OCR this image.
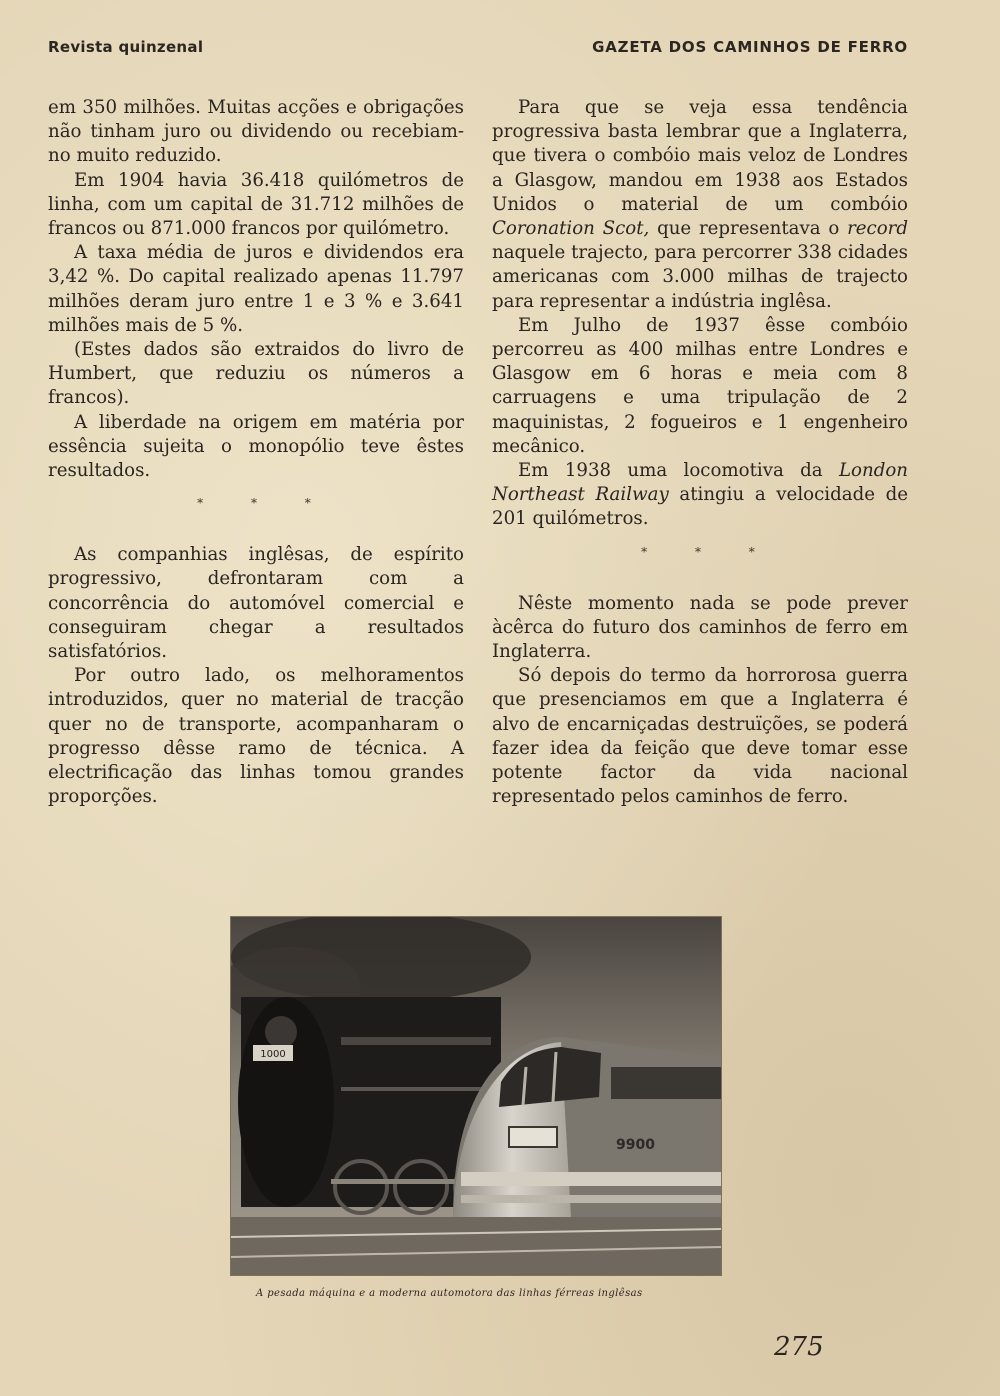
Revista quinzenal	GAZETA DOS CAMINHOS DE FERRO

em 350 milhões. Muitas acções e obrigações não tinham juro ou dividendo ou recebiam-no muito reduzido.

Em 1904 havia 36.418 quilómetros de linha, com um capital de 31.712 milhões de francos ou 871.000 francos por quilómetro.

A taxa média de juros e dividendos era 3,42 %. Do capital realizado apenas 11.797 milhões deram juro entre 1 e 3 % e 3.641 milhões mais de 5 %.

(Estes dados são extraidos do livro de Humbert, que reduziu os números a francos).

A liberdade na origem em matéria por essência sujeita o monopólio teve êstes resultados.

* * *

As companhias inglêsas, de espírito progressivo, defrontaram com a concorrência do automóvel comercial e conseguiram chegar a resultados satisfatórios.

Por outro lado, os melhoramentos introduzidos, quer no material de tracção quer no de transporte, acompanharam o progresso dêsse ramo de técnica. A electrificação das linhas tomou grandes proporções.

Para que se veja essa tendência progressiva basta lembrar que a Inglaterra, que tivera o combóio mais veloz de Londres a Glasgow, mandou em 1938 aos Estados Unidos o material de um combóio Coronation Scot, que representava o record naquele trajecto, para percorrer 338 cidades americanas com 3.000 milhas de trajecto para representar a indústria inglêsa.

Em Julho de 1937 êsse combóio percorreu as 400 milhas entre Londres e Glasgow em 6 horas e meia com 8 carruagens e uma tripulação de 2 maquinistas, 2 fogueiros e 1 engenheiro mecânico.

Em 1938 uma locomotiva da London Northeast Railway atingiu a velocidade de 201 quilómetros.

* * *

Nêste momento nada se pode prever àcêrca do futuro dos caminhos de ferro em Inglaterra.

Só depois do termo da horrorosa guerra que presenciamos em que a Inglaterra é alvo de encarniçadas destruïções, se poderá fazer idea da feição que deve tomar esse potente factor da vida nacional representado pelos caminhos de ferro.

1000
9900
A pesada máquina e a moderna automotora das linhas férreas inglêsas
275
